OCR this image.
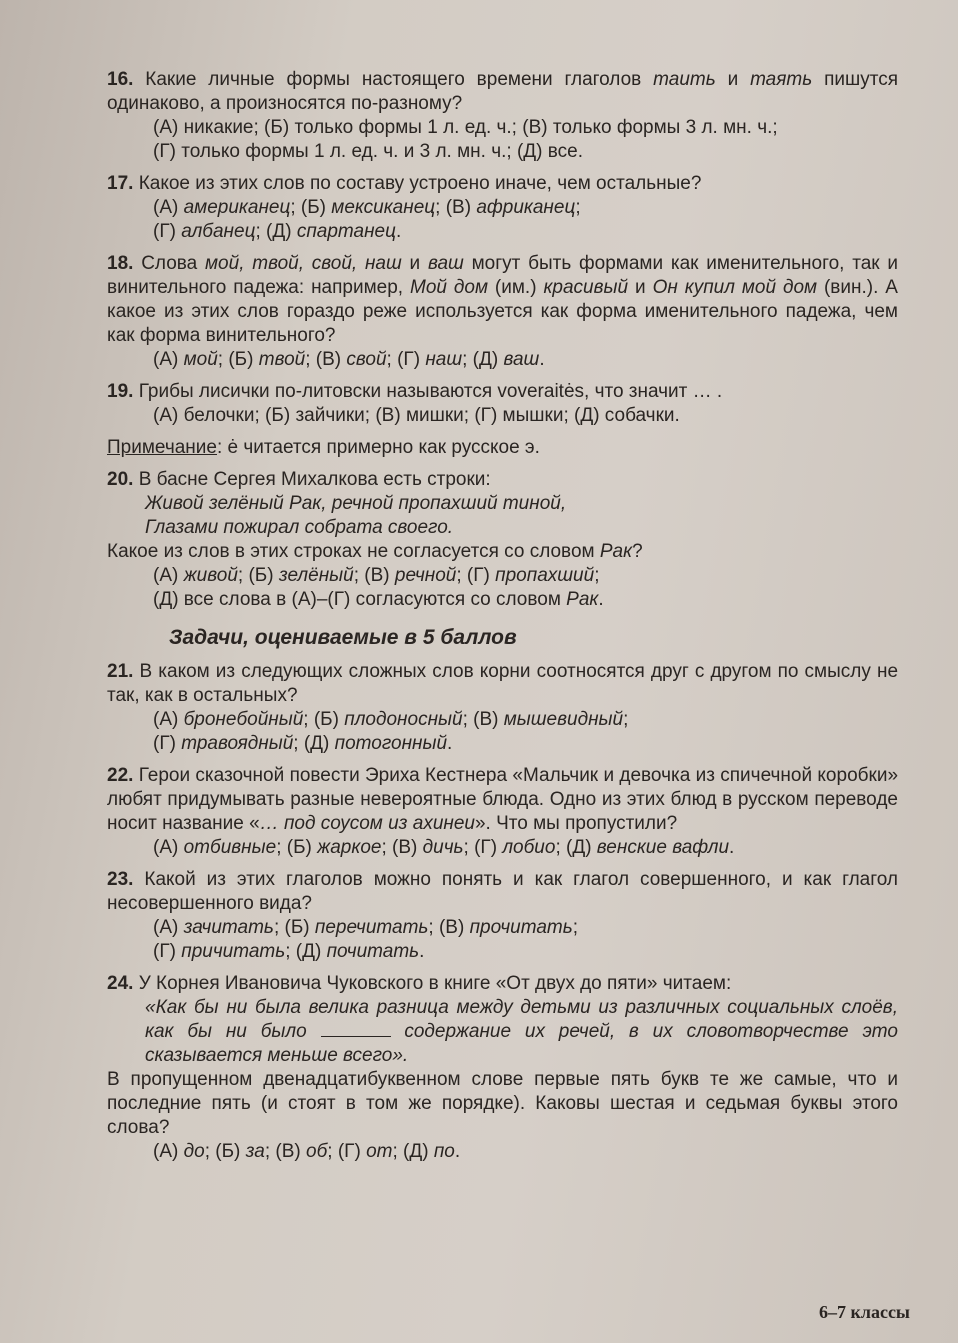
16. Какие личные формы настоящего времени глаголов таить и таять пишутся одинаково, а произносятся по-разному?
(А) никакие; (Б) только формы 1 л. ед. ч.; (В) только формы 3 л. мн. ч.;
(Г) только формы 1 л. ед. ч. и 3 л. мн. ч.; (Д) все.
17. Какое из этих слов по составу устроено иначе, чем остальные?
(А) американец; (Б) мексиканец; (В) африканец;
(Г) албанец; (Д) спартанец.
18. Слова мой, твой, свой, наш и ваш могут быть формами как именительного, так и винительного падежа: например, Мой дом (им.) красивый и Он купил мой дом (вин.). А какое из этих слов гораздо реже используется как форма именительного падежа, чем как форма винительного?
(А) мой; (Б) твой; (В) свой; (Г) наш; (Д) ваш.
19. Грибы лисички по-литовски называются voveraitės, что значит … .
(А) белочки; (Б) зайчики; (В) мишки; (Г) мышки; (Д) собачки.
Примечание: ė читается примерно как русское э.
20. В басне Сергея Михалкова есть строки:
Живой зелёный Рак, речной пропахший тиной,
Глазами пожирал собрата своего.
Какое из слов в этих строках не согласуется со словом Рак?
(А) живой; (Б) зелёный; (В) речной; (Г) пропахший;
(Д) все слова в (А)–(Г) согласуются со словом Рак.
Задачи, оцениваемые в 5 баллов
21. В каком из следующих сложных слов корни соотносятся друг с другом по смыслу не так, как в остальных?
(А) бронебойный; (Б) плодоносный; (В) мышевидный;
(Г) травоядный; (Д) потогонный.
22. Герои сказочной повести Эриха Кестнера «Мальчик и девочка из спичечной коробки» любят придумывать разные невероятные блюда. Одно из этих блюд в русском переводе носит название «… под соусом из ахинеи». Что мы пропустили?
(А) отбивные; (Б) жаркое; (В) дичь; (Г) лобио; (Д) венские вафли.
23. Какой из этих глаголов можно понять и как глагол совершенного, и как глагол несовершенного вида?
(А) зачитать; (Б) перечитать; (В) прочитать;
(Г) причитать; (Д) почитать.
24. У Корнея Ивановича Чуковского в книге «От двух до пяти» читаем:
«Как бы ни была велика разница между детьми из различных социальных слоёв, как бы ни было	содержание их речей, в их словотворчестве это сказывается меньше всего».
В пропущенном двенадцатибуквенном слове первые пять букв те же самые, что и последние пять (и стоят в том же порядке). Каковы шестая и седьмая буквы этого слова?
(А) до; (Б) за; (В) об; (Г) от; (Д) по.
6–7 классы
